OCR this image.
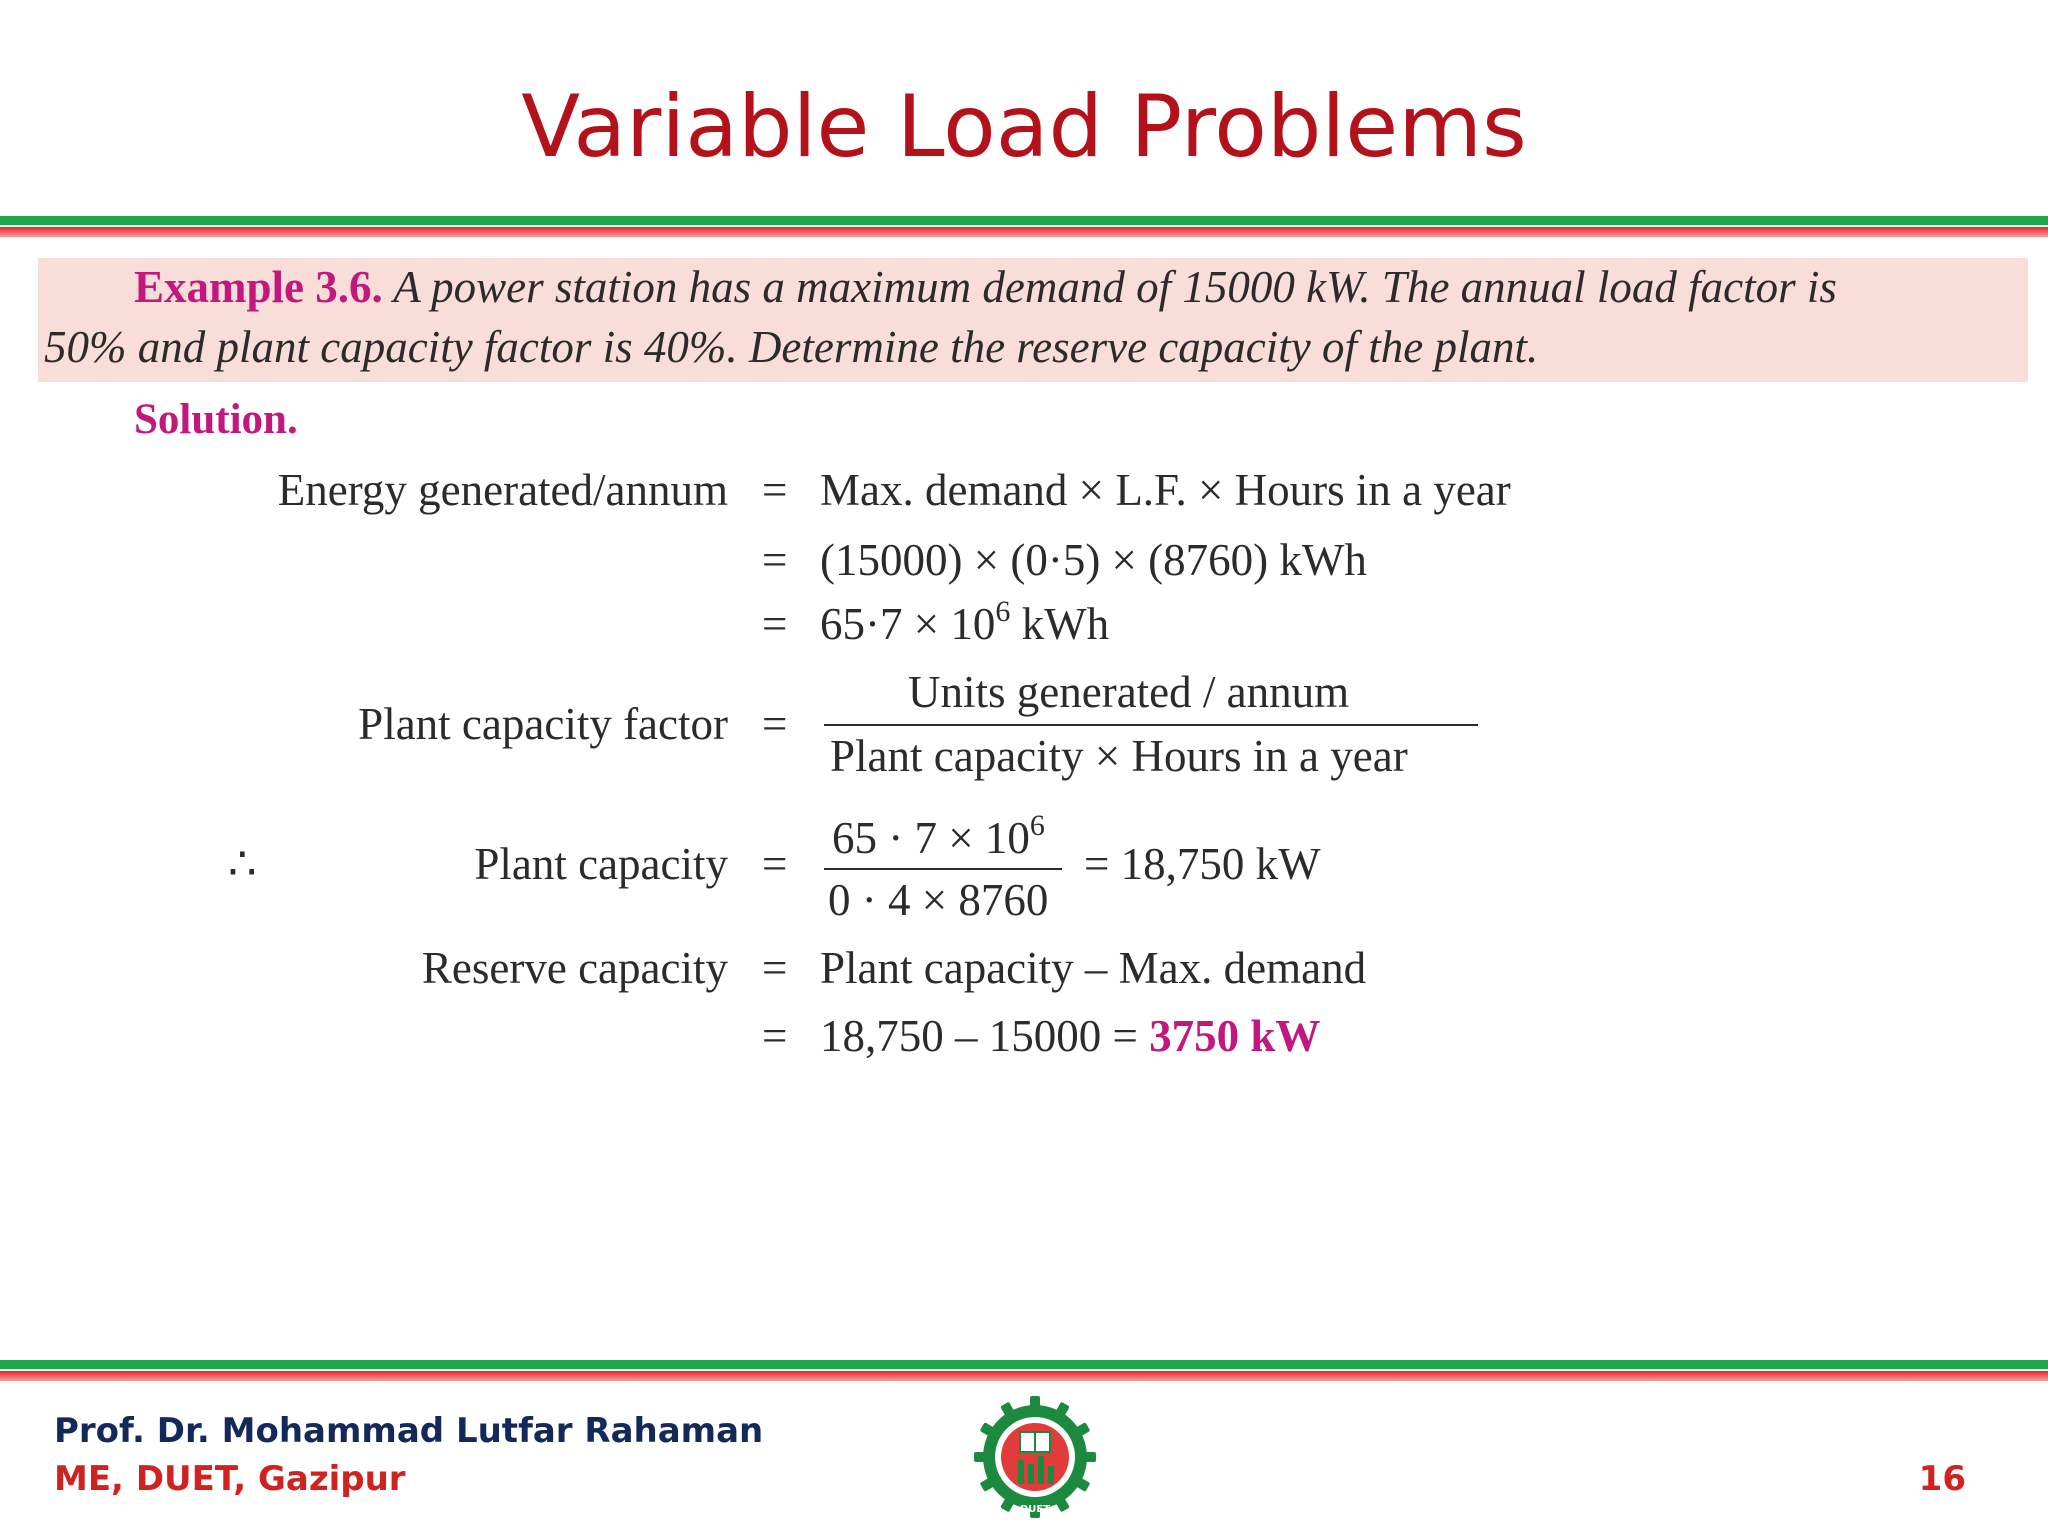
Variable Load Problems
Example 3.6. A power station has a maximum demand of 15000 kW. The annual load factor is
50% and plant capacity factor is 40%. Determine the reserve capacity of the plant.
Solution.
Energy generated/annum = Max. demand × L.F. × Hours in a year
= (15000) × (0·5) × (8760) kWh
= $65\cdot 7 \times 10^6$ kWh
Plant capacity factor =
Units generated / annum
Plant capacity × Hours in a year
∴	Plant capacity =
$65 \cdot 7 \times 10^6$
0 · 4 × 8760
= 18,750 kW
Reserve capacity = Plant capacity – Max. demand
= 18,750 – 15000 = 3750 kW
Prof. Dr. Mohammad Lutfar Rahaman
ME, DUET, Gazipur	16
DUET
